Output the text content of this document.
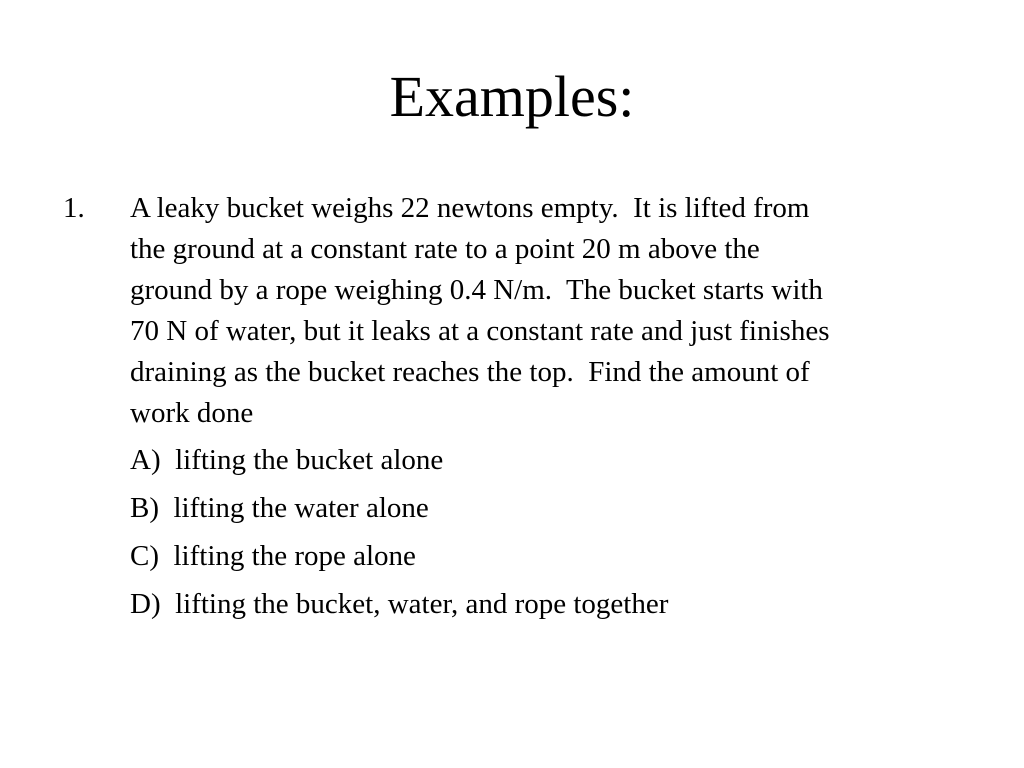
Examples:
1. A leaky bucket weighs 22 newtons empty.  It is lifted from
the ground at a constant rate to a point 20 m above the
ground by a rope weighing 0.4 N/m.  The bucket starts with
70 N of water, but it leaks at a constant rate and just finishes
draining as the bucket reaches the top.  Find the amount of
work done
A)  lifting the bucket alone
B)  lifting the water alone
C)  lifting the rope alone
D)  lifting the bucket, water, and rope together
